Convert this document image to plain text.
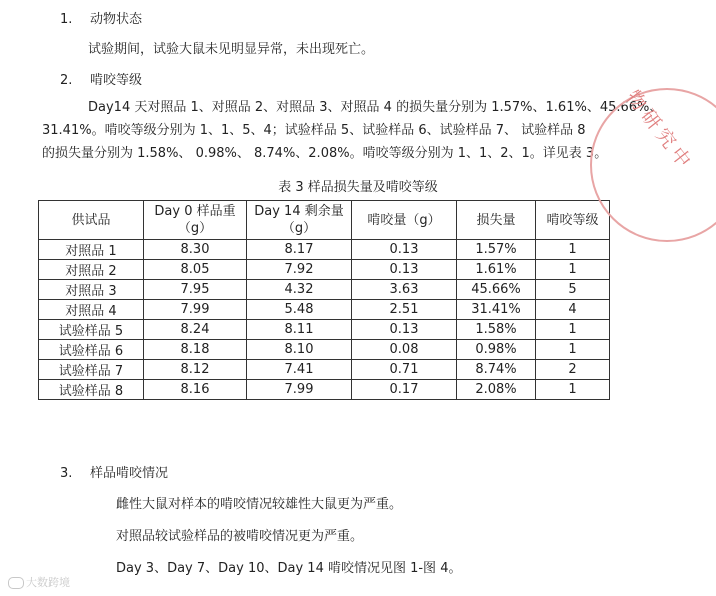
1. 动物状态
试验期间，试验大鼠未见明显异常，未出现死亡。
2. 啃咬等级
Day14 天对照品 1、对照品 2、对照品 3、对照品 4 的损失量分别为 1.57%、1.61%、45.66%、
31.41%。啃咬等级分别为 1、1、5、4；试验样品 5、试验样品 6、试验样品 7、 试验样品 8
的损失量分别为 1.58%、 0.98%、 8.74%、2.08%。啃咬等级分别为 1、1、2、1。详见表 3。
表 3 样品损失量及啃咬等级
供试品	Day 0 样品重（g）	Day 14 剩余量（g）	啃咬量（g）	损失量	啃咬等级
对照品 1	8.30	8.17	0.13	1.57%	1
对照品 2	8.05	7.92	0.13	1.61%	1
对照品 3	7.95	4.32	3.63	45.66%	5
对照品 4	7.99	5.48	2.51	31.41%	4
试验样品 5	8.24	8.11	0.13	1.58%	1
试验样品 6	8.18	8.10	0.08	0.98%	1
试验样品 7	8.12	7.41	0.71	8.74%	2
试验样品 8	8.16	7.99	0.17	2.08%	1
3. 样品啃咬情况
雌性大鼠对样本的啃咬情况较雄性大鼠更为严重。
对照品较试验样品的被啃咬情况更为严重。
Day 3、Day 7、Day 10、Day 14 啃咬情况见图 1-图 4。
物研究中
大数跨境
